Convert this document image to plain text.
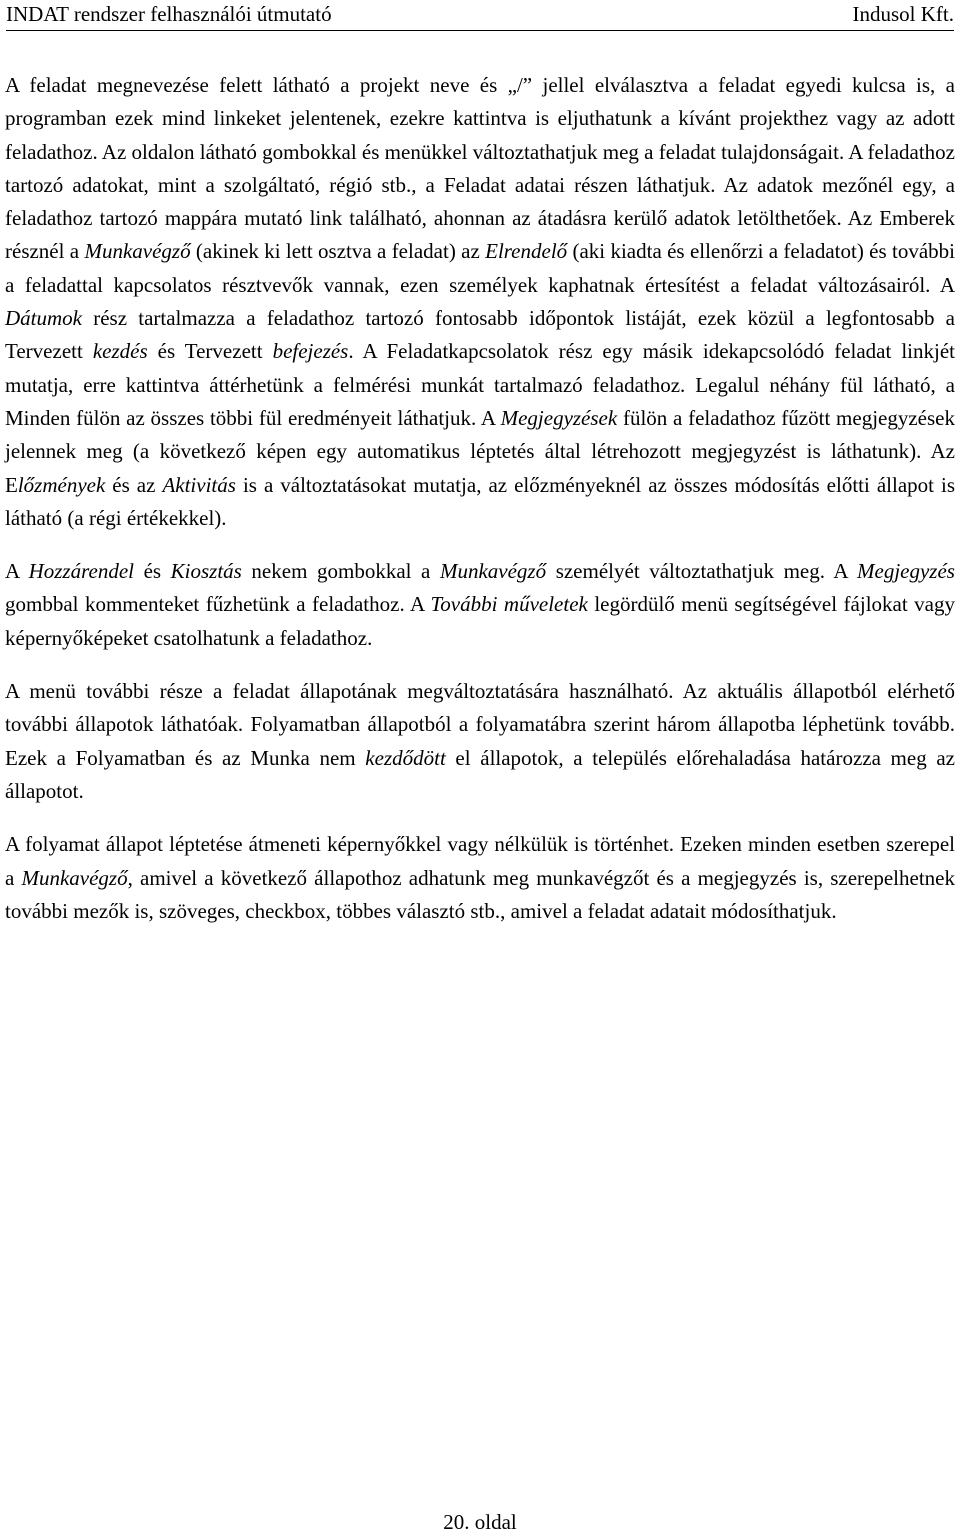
INDAT rendszer felhasználói útmutató	Indusol Kft.

A feladat megnevezése felett látható a projekt neve és „/” jellel elválasztva a feladat egyedi kulcsa is, a programban ezek mind linkeket jelentenek, ezekre kattintva is eljuthatunk a kívánt projekthez vagy az adott feladathoz. Az oldalon látható gombokkal és menükkel változtathatjuk meg a feladat tulajdonságait. A feladathoz tartozó adatokat, mint a szolgáltató, régió stb., a Feladat adatai részen láthatjuk. Az adatok mezőnél egy, a feladathoz tartozó mappára mutató link található, ahonnan az átadásra kerülő adatok letölthetőek. Az Emberek résznél a Munkavégző (akinek ki lett osztva a feladat) az Elrendelő (aki kiadta és ellenőrzi a feladatot) és további a feladattal kapcsolatos résztvevők vannak, ezen személyek kaphatnak értesítést a feladat változásairól. A Dátumok rész tartalmazza a feladathoz tartozó fontosabb időpontok listáját, ezek közül a legfontosabb a Tervezett kezdés és Tervezett befejezés. A Feladatkapcsolatok rész egy másik idekapcsolódó feladat linkjét mutatja, erre kattintva áttérhetünk a felmérési munkát tartalmazó feladathoz. Legalul néhány fül látható, a Minden fülön az összes többi fül eredményeit láthatjuk. A Megjegyzések fülön a feladathoz fűzött megjegyzések jelennek meg (a következő képen egy automatikus léptetés által létrehozott megjegyzést is láthatunk). Az Előzmények és az Aktivitás is a változtatásokat mutatja, az előzményeknél az összes módosítás előtti állapot is látható (a régi értékekkel).

A Hozzárendel és Kiosztás nekem gombokkal a Munkavégző személyét változtathatjuk meg. A Megjegyzés gombbal kommenteket fűzhetünk a feladathoz. A További műveletek legördülő menü segítségével fájlokat vagy képernyőképeket csatolhatunk a feladathoz.

A menü további része a feladat állapotának megváltoztatására használható. Az aktuális állapotból elérhető további állapotok láthatóak. Folyamatban állapotból a folyamatábra szerint három állapotba léphetünk tovább. Ezek a Folyamatban és az Munka nem kezdődött el állapotok, a település előrehaladása határozza meg az állapotot.

A folyamat állapot léptetése átmeneti képernyőkkel vagy nélkülük is történhet. Ezeken minden esetben szerepel a Munkavégző, amivel a következő állapothoz adhatunk meg munkavégzőt és a megjegyzés is, szerepelhetnek további mezők is, szöveges, checkbox, többes választó stb., amivel a feladat adatait módosíthatjuk.

20. oldal
